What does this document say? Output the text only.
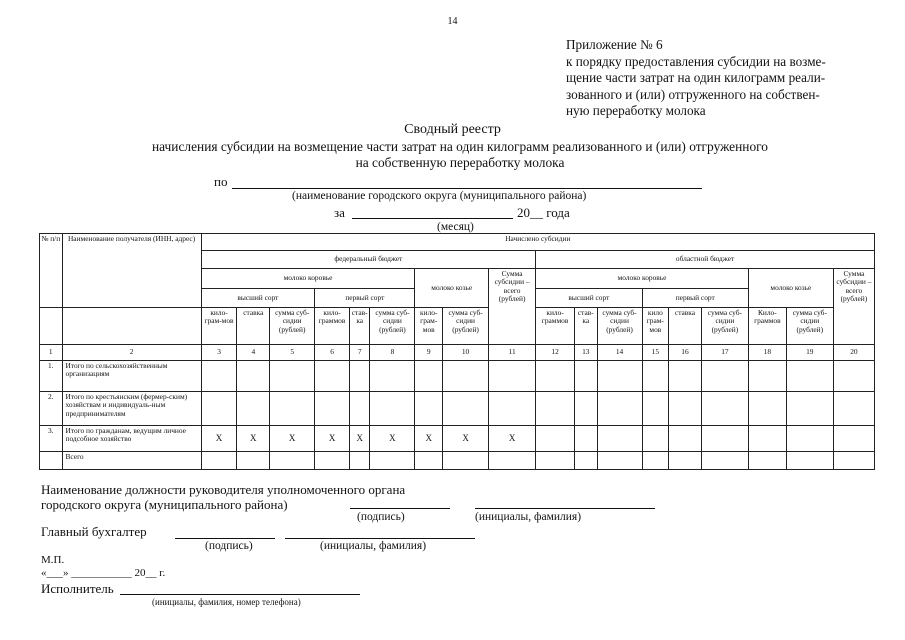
14
Приложение № 6
к порядку предоставления субсидии на возме-
щение части затрат на один килограмм реали-
зованного и (или) отгруженного на собствен-
ную переработку молока
Сводный реестр
начисления субсидии на возмещение части затрат на один килограмм реализованного и (или) отгруженного
на собственную переработку молока
по
(наименование городского округа (муниципального района)
за	20__ года
(месяц)
№ п/п	Наименование получателя (ИНН, адрес)	Начислено субсидии																	
		федеральный бюджет									областной бюджет								
		молоко коровье						молоко козье		Сумма субсидии – всего (рублей)	молоко коровье						молоко козье		Сумма субсидии – всего (рублей)
		высший сорт			первый сорт						высший сорт			первый сорт					
		кило-грам-мов	ставка	сумма суб-сидии (рублей)	кило-граммов	став-ка	сумма суб-сидии (рублей)	кило-грам-мов	сумма суб-сидии (рублей)		кило-граммов	став-ка	сумма суб-сидии (рублей)	кило грам-мов	ставка	сумма суб-сидии (рублей)	Кило-граммов	сумма суб-сидии (рублей)	
1	2	3	4	5	6	7	8	9	10	11	12	13	14	15	16	17	18	19	20
1.	Итого по сельскохозяйственным организациям																		
2.	Итого по крестьянским (фермер-ским) хозяйствам и индивидуаль-ным предпринимателям																		
3.	Итого по гражданам, ведущим личное подсобное хозяйство	X	X	X	X	X	X	X	X	X									
	Всего																		
Наименование должности руководителя уполномоченного органа
городского округа (муниципального района)
(подпись)	(инициалы, фамилия)
Главный бухгалтер
(подпись)	(инициалы, фамилия)
М.П.
«___» ___________ 20__ г.
Исполнитель
(инициалы, фамилия, номер телефона)
